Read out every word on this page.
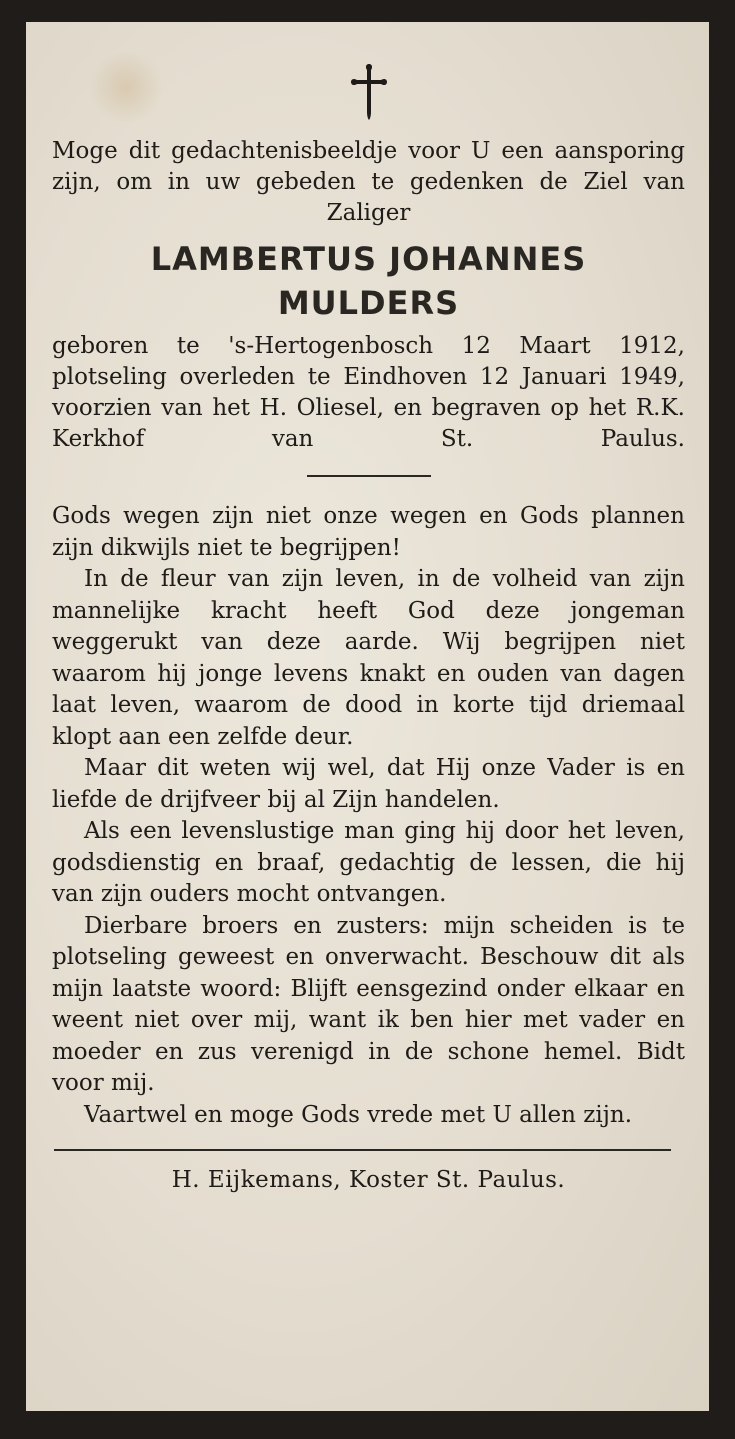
Moge dit gedachtenisbeeldje voor U een aansporing zijn, om in uw gebeden te gedenken de Ziel van Zaliger

LAMBERTUS JOHANNES
MULDERS

geboren te 's-Hertogenbosch 12 Maart 1912, plotseling overleden te Eindhoven 12 Januari 1949, voorzien van het H. Oliesel, en begraven op het R.K. Kerkhof van St. Paulus.

Gods wegen zijn niet onze wegen en Gods plannen zijn dikwijls niet te begrijpen!

In de fleur van zijn leven, in de volheid van zijn mannelijke kracht heeft God deze jongeman weggerukt van deze aarde. Wij begrijpen niet waarom hij jonge levens knakt en ouden van dagen laat leven, waarom de dood in korte tijd driemaal klopt aan een zelfde deur.

Maar dit weten wij wel, dat Hij onze Vader is en liefde de drijfveer bij al Zijn handelen.

Als een levenslustige man ging hij door het leven, godsdienstig en braaf, gedachtig de lessen, die hij van zijn ouders mocht ontvangen.

Dierbare broers en zusters: mijn scheiden is te plotseling geweest en onverwacht. Beschouw dit als mijn laatste woord: Blijft eensgezind onder elkaar en weent niet over mij, want ik ben hier met vader en moeder en zus verenigd in de schone hemel. Bidt voor mij.

Vaartwel en moge Gods vrede met U allen zijn.

H. Eijkemans, Koster St. Paulus.
